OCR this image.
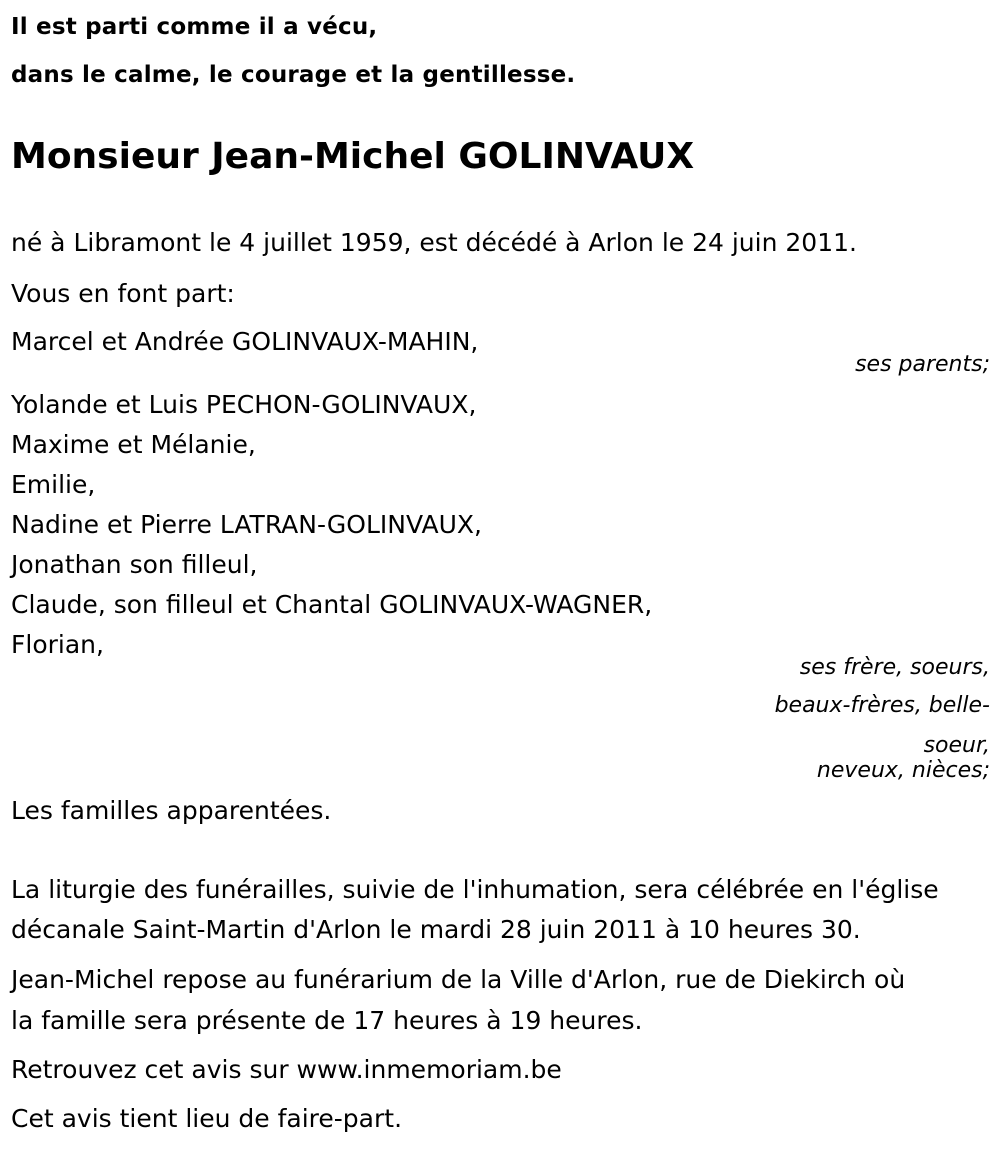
Il est parti comme il a vécu,
dans le calme, le courage et la gentillesse.
Monsieur Jean-Michel GOLINVAUX
né à Libramont le 4 juillet 1959, est décédé à Arlon le 24 juin 2011.
Vous en font part:
Marcel et Andrée GOLINVAUX-MAHIN,
ses parents;
Yolande et Luis PECHON-GOLINVAUX,
Maxime et Mélanie,
Emilie,
Nadine et Pierre LATRAN-GOLINVAUX,
Jonathan son filleul,
Claude, son filleul et Chantal GOLINVAUX-WAGNER,
Florian,
ses frère, soeurs,
beaux-frères, belle-soeur,
neveux, nièces;
Les familles apparentées.
La liturgie des funérailles, suivie de l'inhumation, sera célébrée en l'église
décanale Saint-Martin d'Arlon le mardi 28 juin 2011 à 10 heures 30.
Jean-Michel repose au funérarium de la Ville d'Arlon, rue de Diekirch où
la famille sera présente de 17 heures à 19 heures.
Retrouvez cet avis sur www.inmemoriam.be
Cet avis tient lieu de faire-part.
